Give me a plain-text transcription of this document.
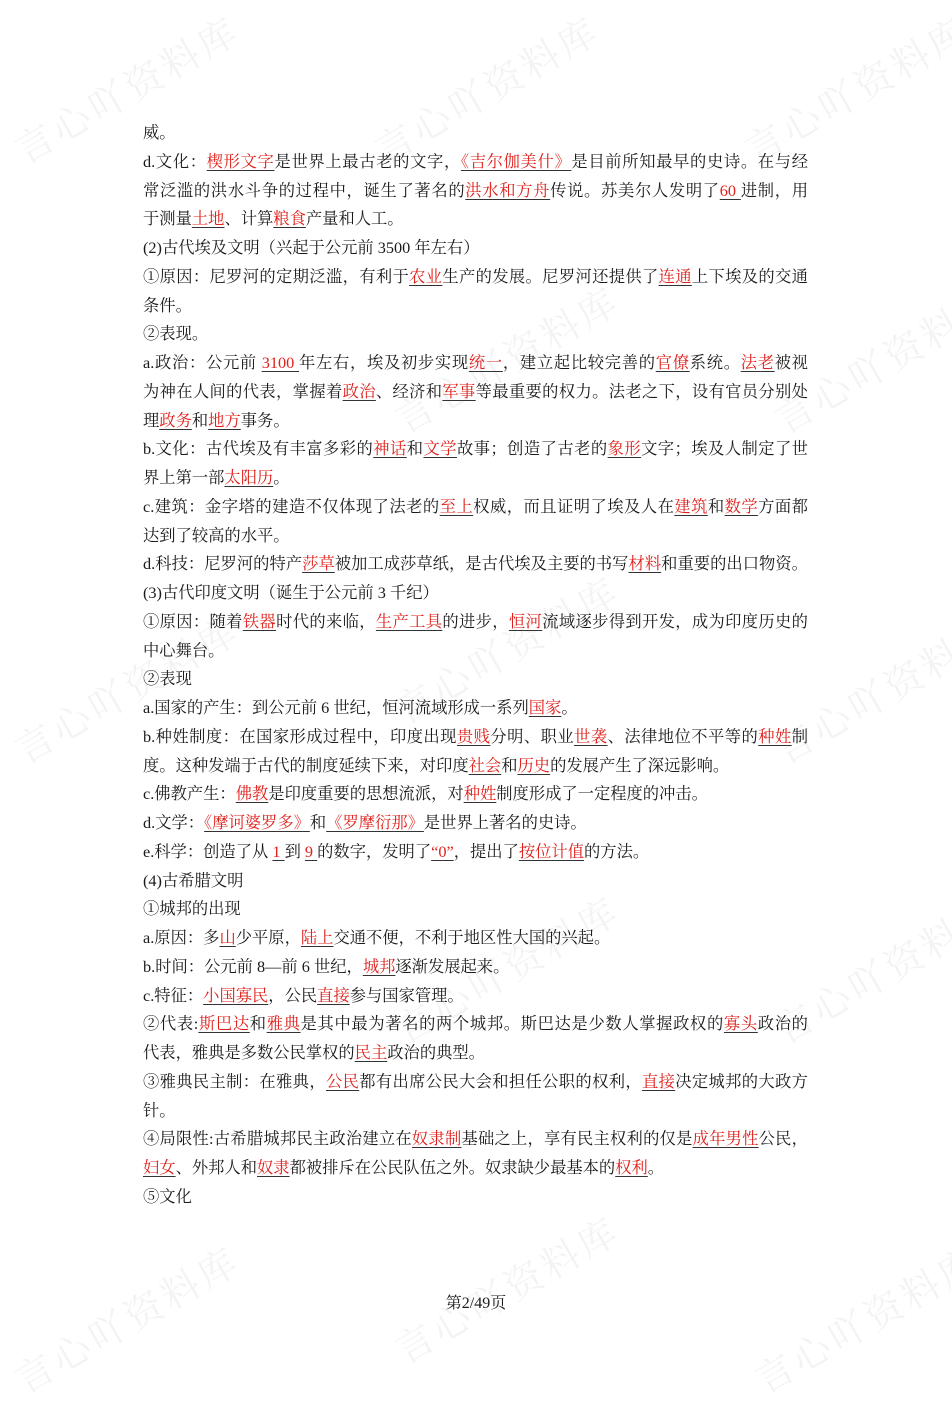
威。
d.文化：楔形文字是世界上最古老的文字，《吉尔伽美什》是目前所知最早的史诗。在与经
常泛滥的洪水斗争的过程中，诞生了著名的洪水和方舟传说。苏美尔人发明了60 进制，用
于测量土地、计算粮食产量和人工。
(2)古代埃及文明（兴起于公元前 3500 年左右）
①原因：尼罗河的定期泛滥，有利于农业生产的发展。尼罗河还提供了连通上下埃及的交通
条件。
②表现。
a.政治：公元前 3100 年左右，埃及初步实现统一，建立起比较完善的官僚系统。法老被视
为神在人间的代表，掌握着政治、经济和军事等最重要的权力。法老之下，设有官员分别处
理政务和地方事务。
b.文化：古代埃及有丰富多彩的神话和文学故事；创造了古老的象形文字；埃及人制定了世
界上第一部太阳历。
c.建筑：金字塔的建造不仅体现了法老的至上权威，而且证明了埃及人在建筑和数学方面都
达到了较高的水平。
d.科技：尼罗河的特产莎草被加工成莎草纸，是古代埃及主要的书写材料和重要的出口物资。
(3)古代印度文明（诞生于公元前 3 千纪）
①原因：随着铁器时代的来临，生产工具的进步，恒河流域逐步得到开发，成为印度历史的
中心舞台。
②表现
a.国家的产生：到公元前 6 世纪，恒河流域形成一系列国家。
b.种姓制度：在国家形成过程中，印度出现贵贱分明、职业世袭、法律地位不平等的种姓制
度。这种发端于古代的制度延续下来，对印度社会和历史的发展产生了深远影响。
c.佛教产生：佛教是印度重要的思想流派，对种姓制度形成了一定程度的冲击。
d.文学：《摩诃婆罗多》和《罗摩衍那》是世界上著名的史诗。
e.科学：创造了从 1 到 9 的数字，发明了“0”，提出了按位计值的方法。
(4)古希腊文明
①城邦的出现
a.原因：多山少平原，陆上交通不便，不利于地区性大国的兴起。
b.时间：公元前 8—前 6 世纪，城邦逐渐发展起来。
c.特征：小国寡民，公民直接参与国家管理。
②代表:斯巴达和雅典是其中最为著名的两个城邦。斯巴达是少数人掌握政权的寡头政治的
代表，雅典是多数公民掌权的民主政治的典型。
③雅典民主制：在雅典，公民都有出席公民大会和担任公职的权利，直接决定城邦的大政方
针。
④局限性:古希腊城邦民主政治建立在奴隶制基础之上，享有民主权利的仅是成年男性公民，
妇女、外邦人和奴隶都被排斥在公民队伍之外。奴隶缺少最基本的权利。
⑤文化
第2/49页
